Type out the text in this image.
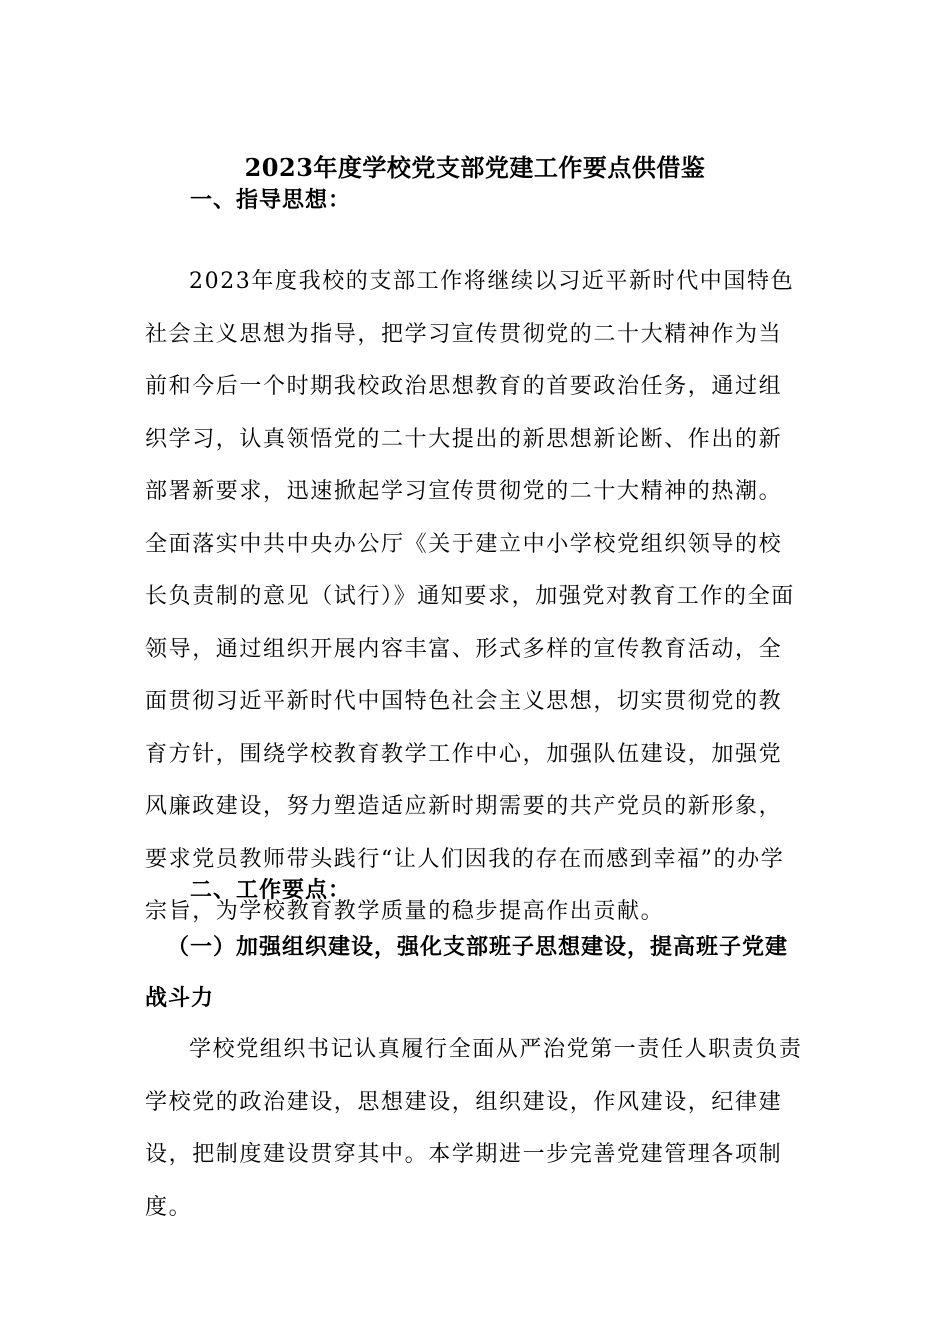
2023年度学校党支部党建工作要点供借鉴
一、指导思想：

2023年度我校的支部工作将继续以习近平新时代中国特色社会主义思想为指导，把学习宣传贯彻党的二十大精神作为当前和今后一个时期我校政治思想教育的首要政治任务，通过组织学习，认真领悟党的二十大提出的新思想新论断、作出的新部署新要求，迅速掀起学习宣传贯彻党的二十大精神的热潮。全面落实中共中央办公厅《关于建立中小学校党组织领导的校长负责制的意见（试行）》通知要求，加强党对教育工作的全面领导，通过组织开展内容丰富、形式多样的宣传教育活动，全面贯彻习近平新时代中国特色社会主义思想，切实贯彻党的教育方针，围绕学校教育教学工作中心，加强队伍建设，加强党风廉政建设，努力塑造适应新时期需要的共产党员的新形象，要求党员教师带头践行“让人们因我的存在而感到幸福”的办学宗旨，为学校教育教学质量的稳步提高作出贡献。

二、工作要点：

（一）加强组织建设，强化支部班子思想建设，提高班子党建战斗力

学校党组织书记认真履行全面从严治党第一责任人职责负责学校党的政治建设，思想建设，组织建设，作风建设，纪律建设，把制度建设贯穿其中。本学期进一步完善党建管理各项制度。
